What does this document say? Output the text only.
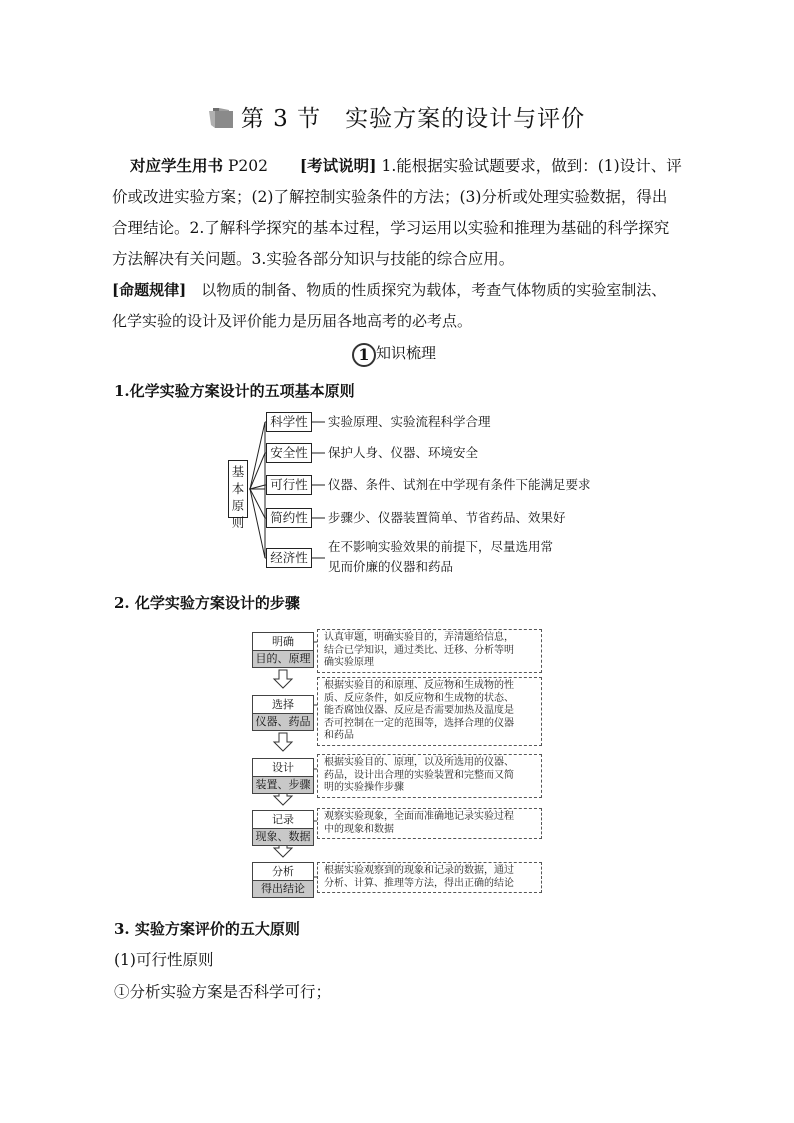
第 3 节　实验方案的设计与评价
对应学生用书 P202 [考试说明] 1.能根据实验试题要求，做到：(1)设计、评
价或改进实验方案；(2)了解控制实验条件的方法；(3)分析或处理实验数据，得出
合理结论。2.了解科学探究的基本过程，学习运用以实验和推理为基础的科学探究
方法解决有关问题。3.实验各部分知识与技能的综合应用。
[命题规律]　以物质的制备、物质的性质探究为载体，考查气体物质的实验室制法、
化学实验的设计及评价能力是历届各地高考的必考点。
1 知识梳理
1.化学实验方案设计的五项基本原则
基本原则
科学性
安全性
可行性
简约性
经济性
实验原理、实验流程科学合理
保护人身、仪器、环境安全
仪器、条件、试剂在中学现有条件下能满足要求
步骤少、仪器装置简单、节省药品、效果好
在不影响实验效果的前提下，尽量选用常
见而价廉的仪器和药品
2. 化学实验方案设计的步骤
明确
目的、原理
选择
仪器、药品
设计
装置、步骤
记录
现象、数据
分析
得出结论
认真审题，明确实验目的，弄清题给信息，
结合已学知识，通过类比、迁移、分析等明
确实验原理
根据实验目的和原理、反应物和生成物的性
质、反应条件，如反应物和生成物的状态、
能否腐蚀仪器、反应是否需要加热及温度是
否可控制在一定的范围等，选择合理的仪器
和药品
根据实验目的、原理，以及所选用的仪器、
药品，设计出合理的实验装置和完整而又简
明的实验操作步骤
观察实验现象，全面而准确地记录实验过程
中的现象和数据
根据实验观察到的现象和记录的数据，通过
分析、计算、推理等方法，得出正确的结论
3. 实验方案评价的五大原则
(1)可行性原则
①分析实验方案是否科学可行；
